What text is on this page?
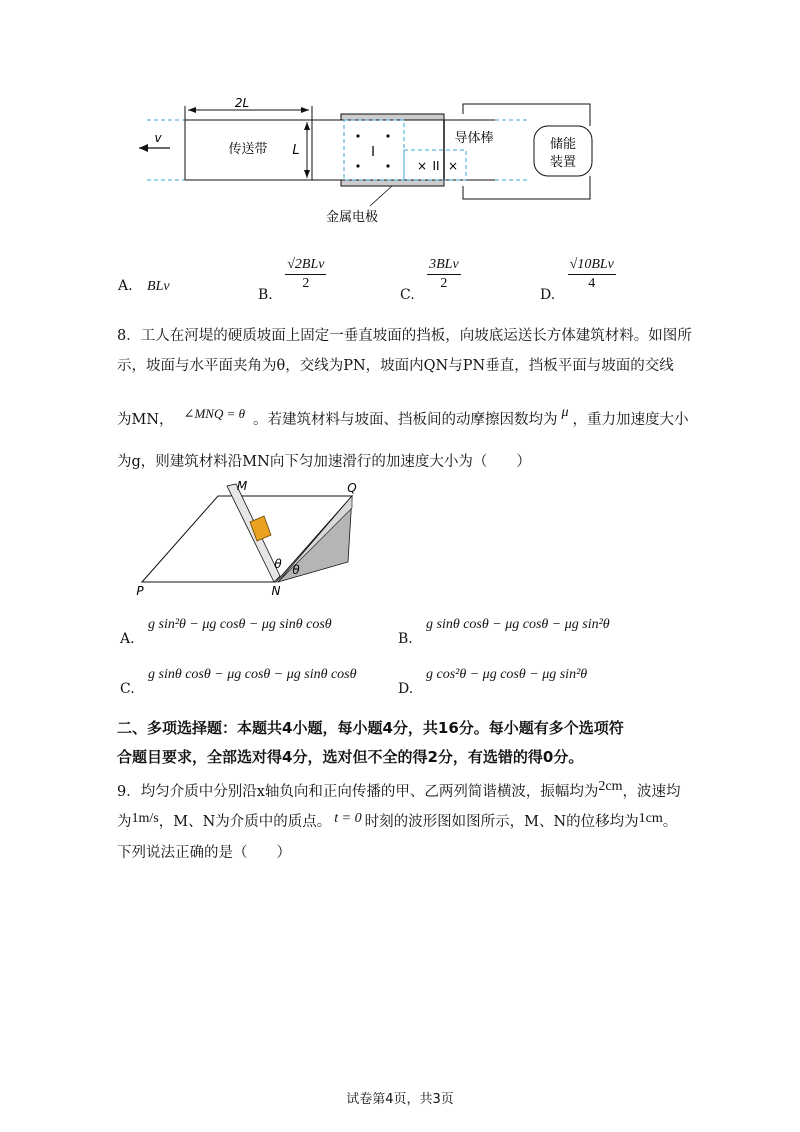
2L
L
v
传送带	I
× II ×
导体棒	储能
装置
金属电极
A. BLv	B.
$\frac{\text{√2BLv}}{2}$
C.
$\frac{\text{3BLv}}{2}$
D.
$\frac{\text{√10BLv}}{4}$
8．工人在河堤的硬质坡面上固定一垂直坡面的挡板，向坡底运送长方体建筑材料。如图所
示，坡面与水平面夹角为θ，交线为PN，坡面内QN与PN垂直，挡板平面与坡面的交线
为MN， ∠MNQ = θ 。若建筑材料与坡面、挡板间的动摩擦因数均为 μ ，重力加速度大小
为g，则建筑材料沿MN向下匀加速滑行的加速度大小为（　　）
M	Q
P	N
θ θ
A.
g sin²θ − μg cosθ − μg sinθ cosθ
B.
g sinθ cosθ − μg cosθ − μg sin²θ
C.
g sinθ cosθ − μg cosθ − μg sinθ cosθ
D.
g cos²θ − μg cosθ − μg sin²θ
二、多项选择题：本题共4小题，每小题4分，共16分。每小题有多个选项符
合题目要求，全部选对得4分，选对但不全的得2分，有选错的得0分。
9．均匀介质中分别沿x轴负向和正向传播的甲、乙两列简谐横波，振幅均为2cm，波速均
为1m/s，M、N为介质中的质点。 t = 0 时刻的波形图如图所示，M、N的位移均为1cm。
下列说法正确的是（　　）
试卷第4页，共3页
